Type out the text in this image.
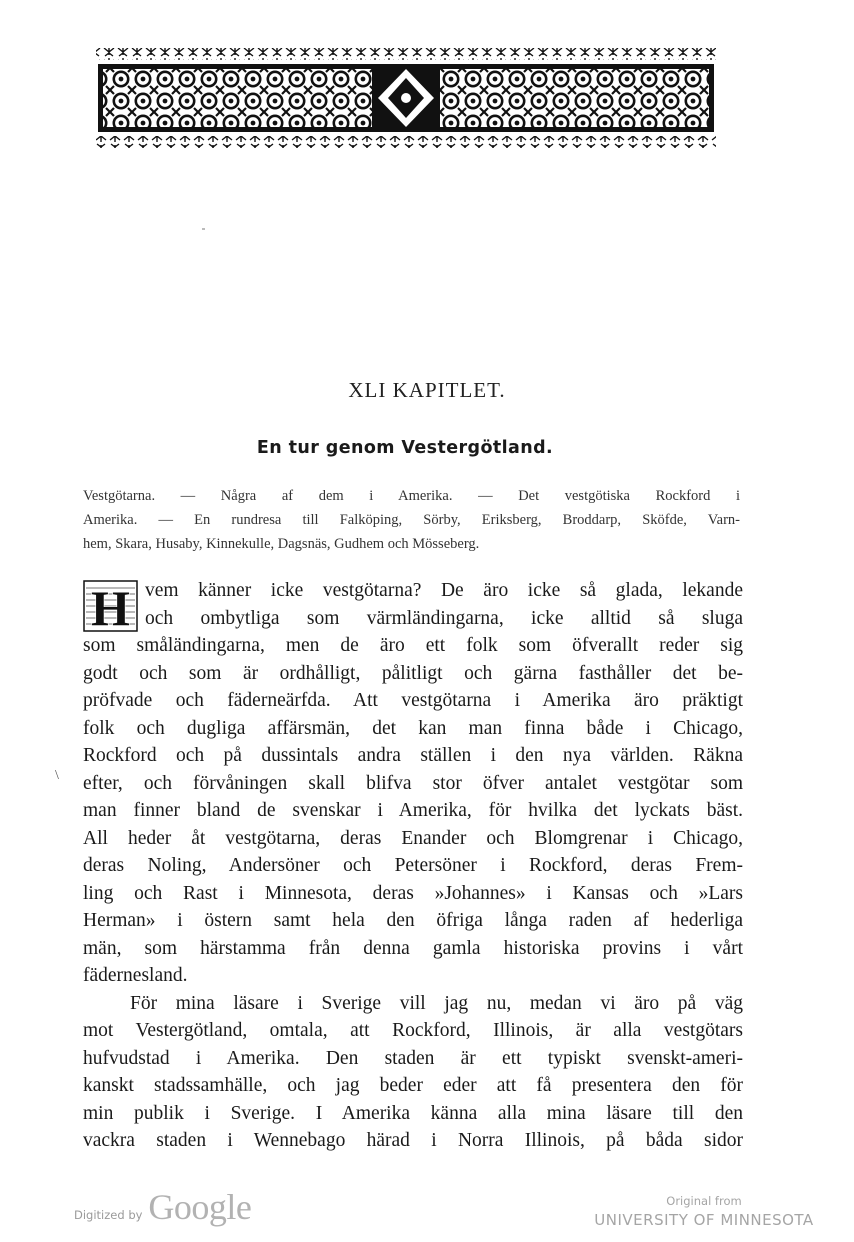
XLI KAPITLET.
En tur genom Vestergötland.
Vestgötarna. — Några af dem i Amerika. — Det vestgötiska Rockford i
Amerika. — En rundresa till Falköping, Sörby, Eriksberg, Broddarp, Sköfde, Varn-
hem, Skara, Husaby, Kinnekulle, Dagsnäs, Gudhem och Mösseberg.
H vem känner icke vestgötarna? De äro icke så glada, lekande
och ombytliga som värmländingarna, icke alltid så sluga
som småländingarna, men de äro ett folk som öfverallt reder sig
godt och som är ordhålligt, pålitligt och gärna fasthåller det be-
pröfvade och fäderneärfda. Att vestgötarna i Amerika äro präktigt
folk och dugliga affärsmän, det kan man finna både i Chicago,
Rockford och på dussintals andra ställen i den nya världen. Räkna
efter, och förvåningen skall blifva stor öfver antalet vestgötar som
man finner bland de svenskar i Amerika, för hvilka det lyckats bäst.
All heder åt vestgötarna, deras Enander och Blomgrenar i Chicago,
deras Noling, Andersöner och Petersöner i Rockford, deras Frem-
ling och Rast i Minnesota, deras »Johannes» i Kansas och »Lars
Herman» i östern samt hela den öfriga långa raden af hederliga
män, som härstamma från denna gamla historiska provins i vårt
fädernesland.
För mina läsare i Sverige vill jag nu, medan vi äro på väg
mot Vestergötland, omtala, att Rockford, Illinois, är alla vestgötars
hufvudstad i Amerika. Den staden är ett typiskt svenskt-ameri-
kanskt stadssamhälle, och jag beder eder att få presentera den för
min publik i Sverige. I Amerika känna alla mina läsare till den
vackra staden i Wennebago härad i Norra Illinois, på båda sidor
\
Digitized by Google	Original from
UNIVERSITY OF MINNESOTA
